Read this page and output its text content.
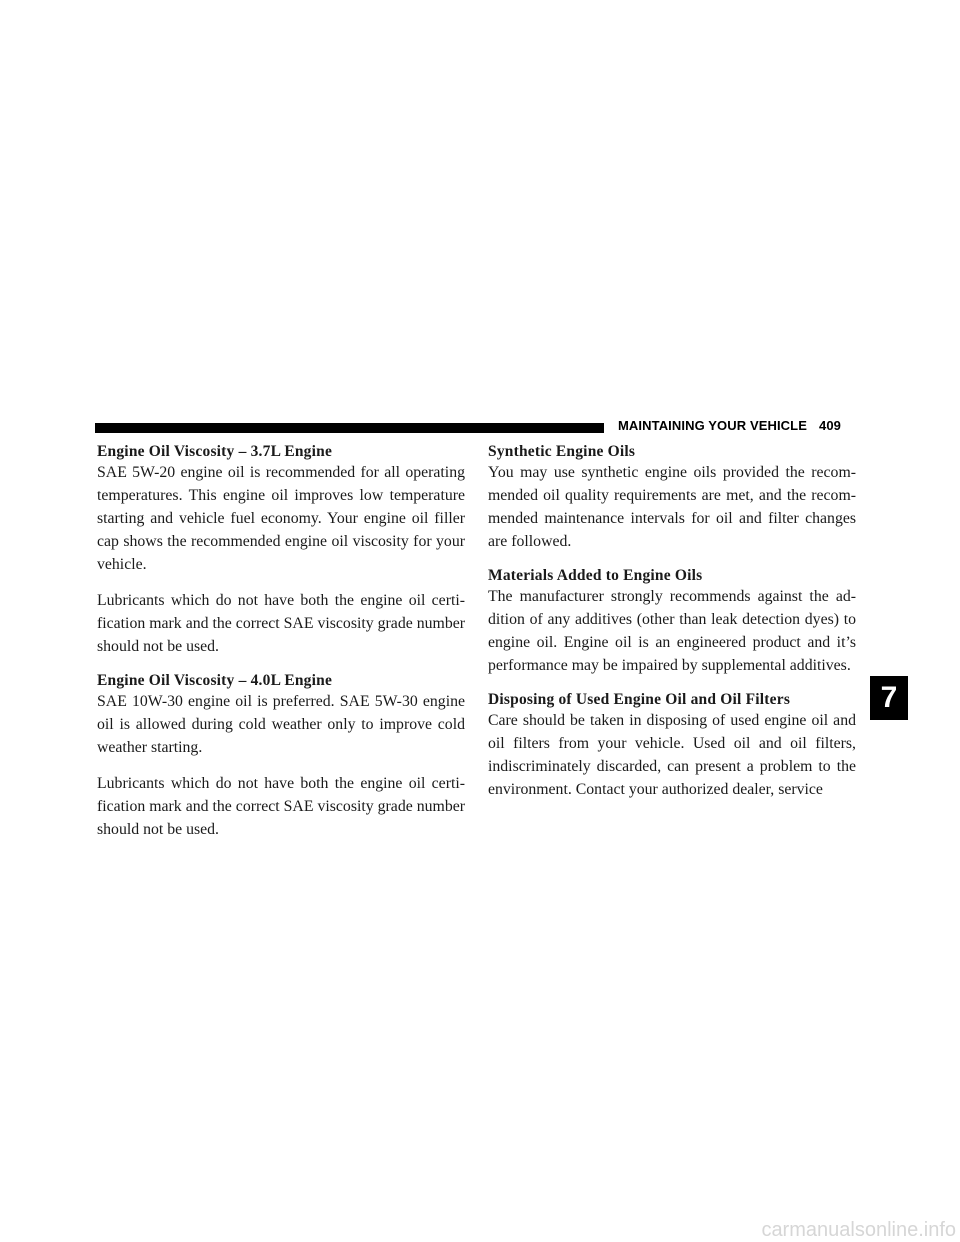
MAINTAINING YOUR VEHICLE 409
Engine Oil Viscosity – 3.7L Engine

SAE 5W-20 engine oil is recommended for all operating temperatures. This engine oil improves low temperature starting and vehicle fuel economy. Your engine oil filler cap shows the recommended engine oil viscosity for your vehicle.

Lubricants which do not have both the engine oil certification mark and the correct SAE viscosity grade number should not be used.

Engine Oil Viscosity – 4.0L Engine

SAE 10W-30 engine oil is preferred. SAE 5W-30 engine oil is allowed during cold weather only to improve cold weather starting.

Lubricants which do not have both the engine oil certification mark and the correct SAE viscosity grade number should not be used.

Synthetic Engine Oils

You may use synthetic engine oils provided the recommended oil quality requirements are met, and the recommended maintenance intervals for oil and filter changes are followed.

Materials Added to Engine Oils

The manufacturer strongly recommends against the addition of any additives (other than leak detection dyes) to engine oil. Engine oil is an engineered product and it’s performance may be impaired by supplemental additives.

Disposing of Used Engine Oil and Oil Filters

Care should be taken in disposing of used engine oil and oil filters from your vehicle. Used oil and oil filters, indiscriminately discarded, can present a problem to the environment. Contact your authorized dealer, service

7
carmanualsonline.info
